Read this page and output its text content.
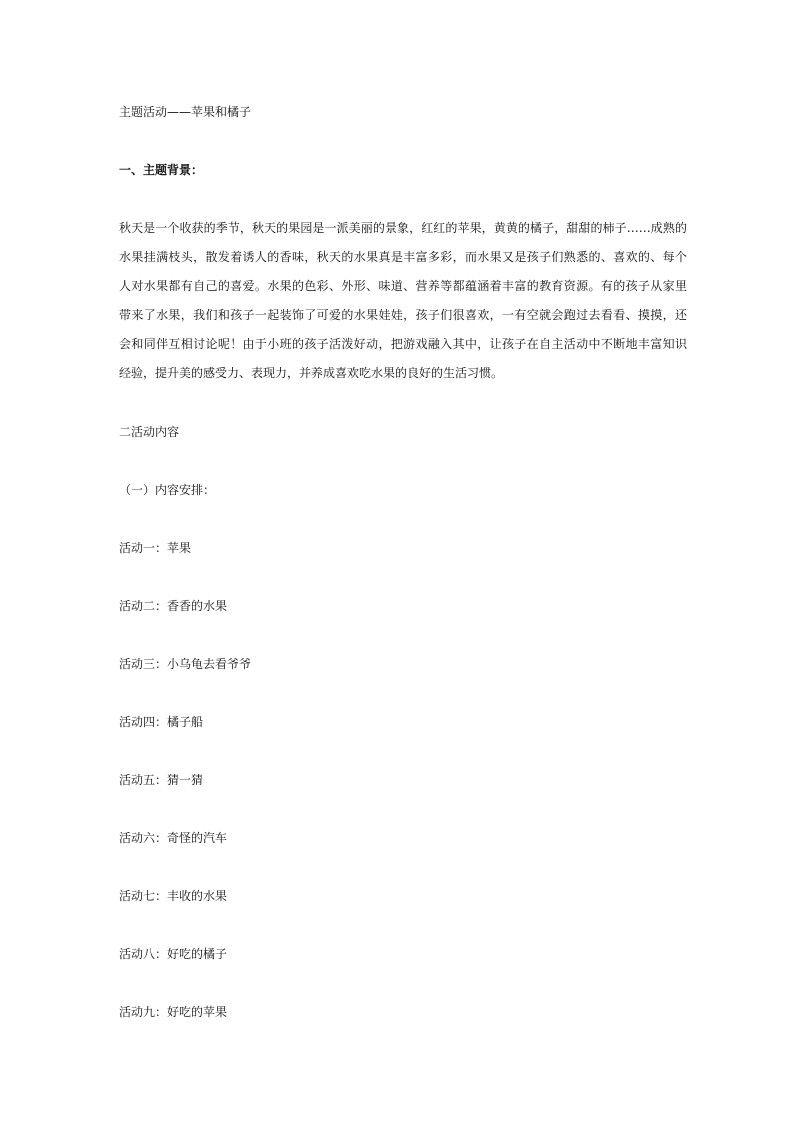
主题活动——苹果和橘子

一、主题背景：

秋天是一个收获的季节，秋天的果园是一派美丽的景象，红红的苹果，黄黄的橘子，甜甜的柿子……成熟的
水果挂满枝头，散发着诱人的香味，秋天的水果真是丰富多彩，而水果又是孩子们熟悉的、喜欢的、每个
人对水果都有自己的喜爱。水果的色彩、外形、味道、营养等都蕴涵着丰富的教育资源。有的孩子从家里
带来了水果，我们和孩子一起装饰了可爱的水果娃娃，孩子们很喜欢，一有空就会跑过去看看、摸摸，还
会和同伴互相讨论呢！由于小班的孩子活泼好动，把游戏融入其中，让孩子在自主活动中不断地丰富知识
经验，提升美的感受力、表现力，并养成喜欢吃水果的良好的生活习惯。

二活动内容

（一）内容安排：

活动一：苹果

活动二：香香的水果

活动三：小乌龟去看爷爷

活动四：橘子船

活动五：猜一猜

活动六：奇怪的汽车

活动七：丰收的水果

活动八：好吃的橘子

活动九：好吃的苹果
